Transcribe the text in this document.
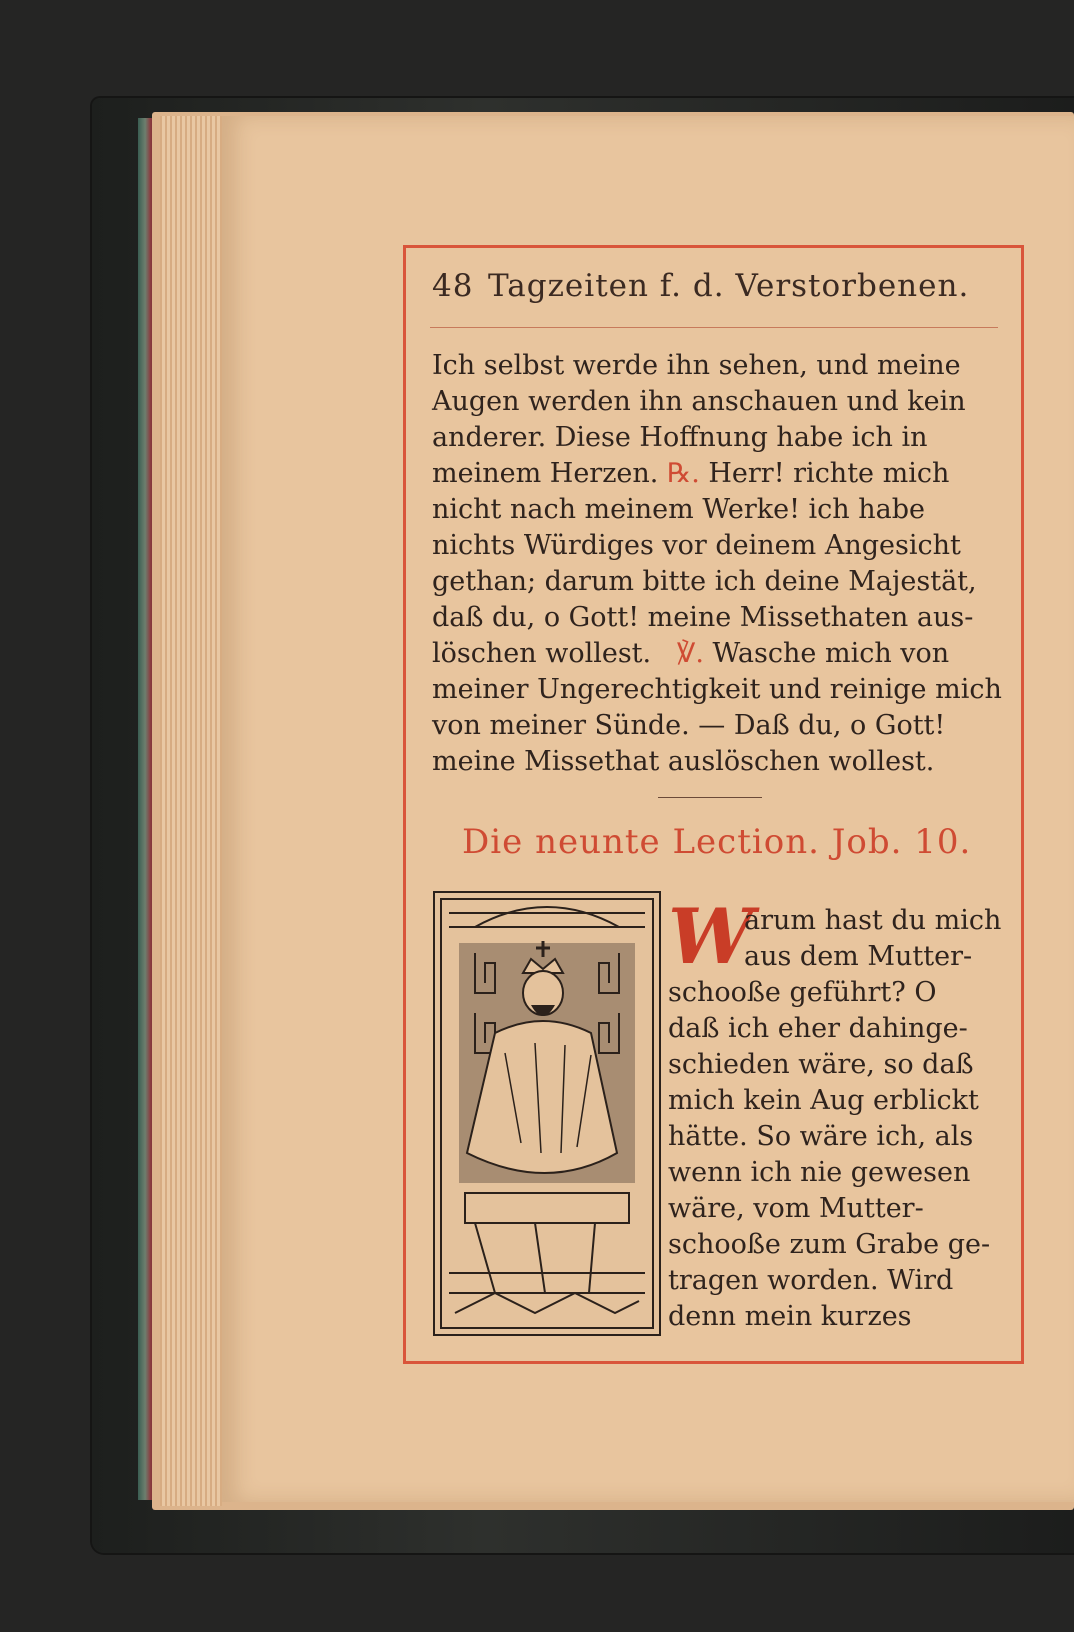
48 Tagzeiten f. d. Verstorbenen.

Ich selbst werde ihn sehen, und meine

Augen werden ihn anschauen und kein

anderer. Diese Hoffnung habe ich in

meinem Herzen. ℞. Herr! richte mich

nicht nach meinem Werke! ich habe

nichts Würdiges vor deinem Angesicht

gethan; darum bitte ich deine Majestät,

daß du, o Gott! meine Missethaten aus-

löschen wollest. ℣. Wasche mich von

meiner Ungerechtigkeit und reinige mich

von meiner Sünde. — Daß du, o Gott!

meine Missethat auslöschen wollest.

Die neunte Lection. Job. 10.
W

arum hast du mich

aus dem Mutter-

schooße geführt? O

daß ich eher dahinge-

schieden wäre, so daß

mich kein Aug erblickt

hätte. So wäre ich, als

wenn ich nie gewesen

wäre, vom Mutter-

schooße zum Grabe ge-

tragen worden. Wird

denn mein kurzes
